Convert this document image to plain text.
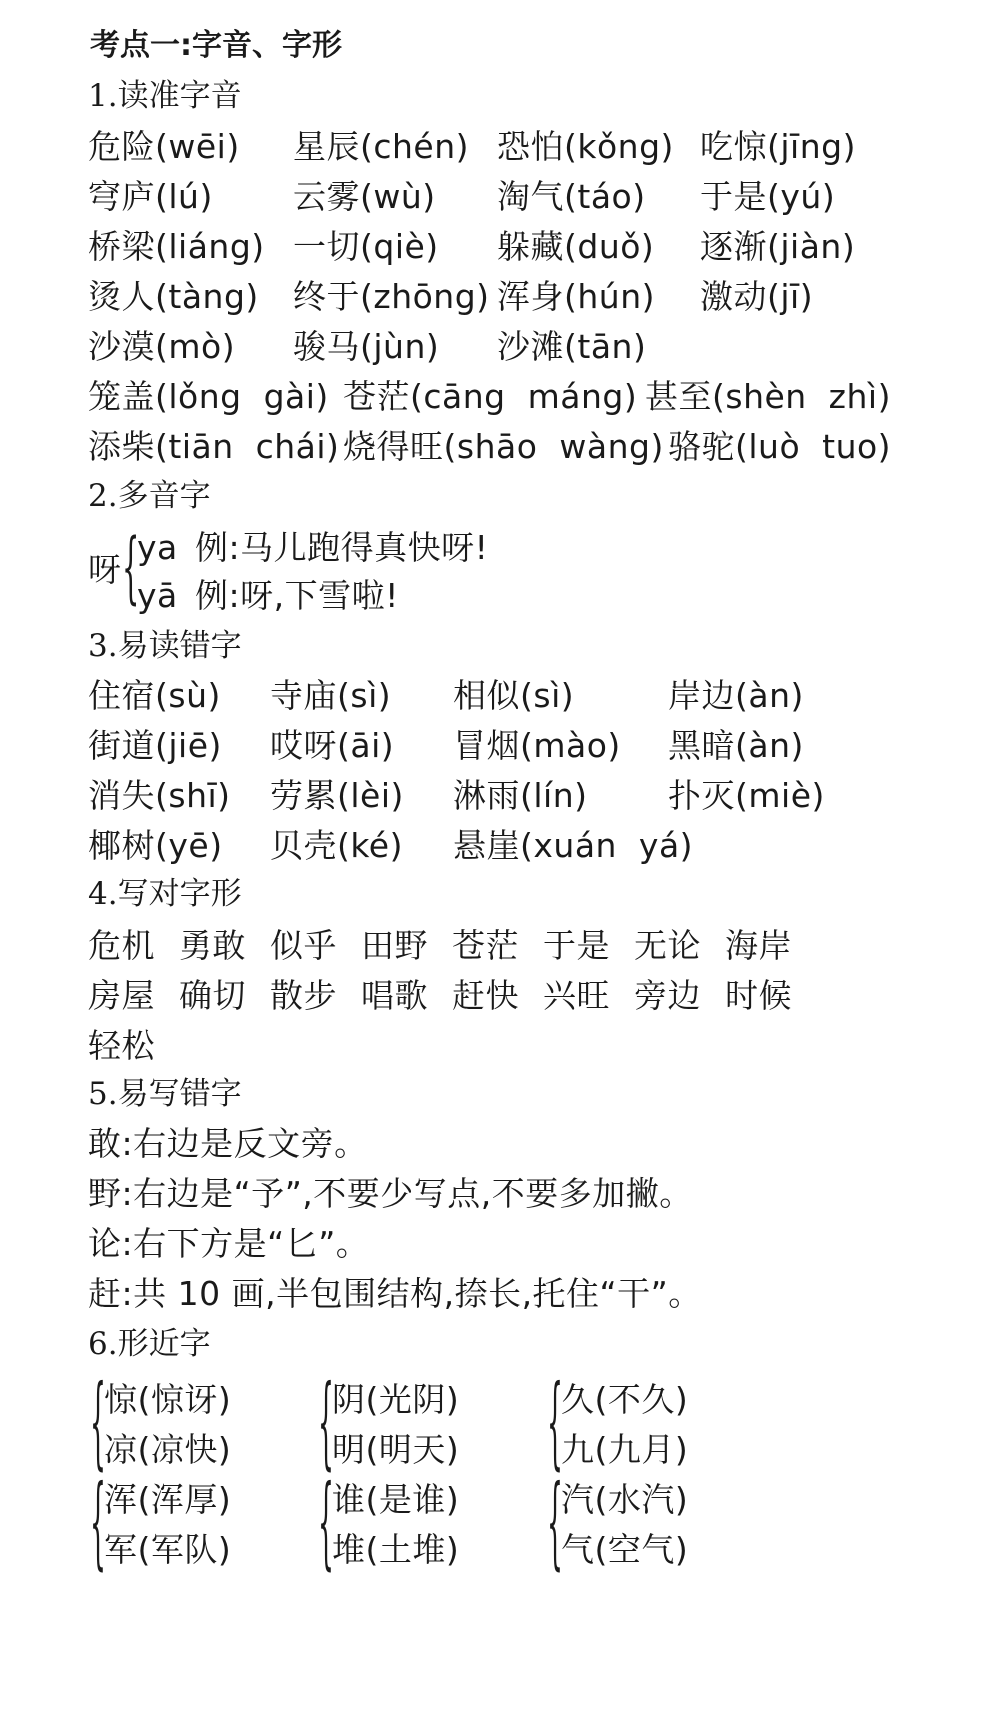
考点一:字音、字形
1.读准字音
危险(wēi) 星辰(chén) 恐怕(kǒng) 吃惊(jīng)
穹庐(lú) 云雾(wù) 淘气(táo) 于是(yú)
桥梁(liáng) 一切(qiè) 躲藏(duǒ) 逐渐(jiàn)
烫人(tàng) 终于(zhōng) 浑身(hún) 激动(jī)
沙漠(mò) 骏马(jùn) 沙滩(tān)
笼盖(lǒng  gài) 苍茫(cāng  máng) 甚至(shèn  zhì)
添柴(tiān  chái) 烧得旺(shāo  wàng) 骆驼(luò  tuo)
2.多音字
呀 {
ya 例:马儿跑得真快呀!
yā 例:呀,下雪啦!
3.易读错字
住宿(sù) 寺庙(sì) 相似(sì)	岸边(àn)
街道(jiē) 哎呀(āi) 冒烟(mào) 黑暗(àn)
消失(shī) 劳累(lèi) 淋雨(lín) 扑灭(miè)
椰树(yē) 贝壳(ké) 悬崖(xuán  yá)
4.写对字形
危机 勇敢 似乎 田野 苍茫 于是 无论 海岸
房屋 确切 散步 唱歌 赶快 兴旺 旁边 时候
轻松
5.易写错字
敢:右边是反文旁。
野:右边是“予”,不要少写点,不要多加撇。
论:右下方是“匕”。
赶:共 10 画,半包围结构,捺长,托住“干”。
6.形近字
{
惊(惊讶)
凉(凉快) {
阴(光阴)
明(明天) {
久(不久)
九(九月)
{
浑(浑厚)
军(军队) {
谁(是谁)
堆(土堆) {
汽(水汽)
气(空气)
